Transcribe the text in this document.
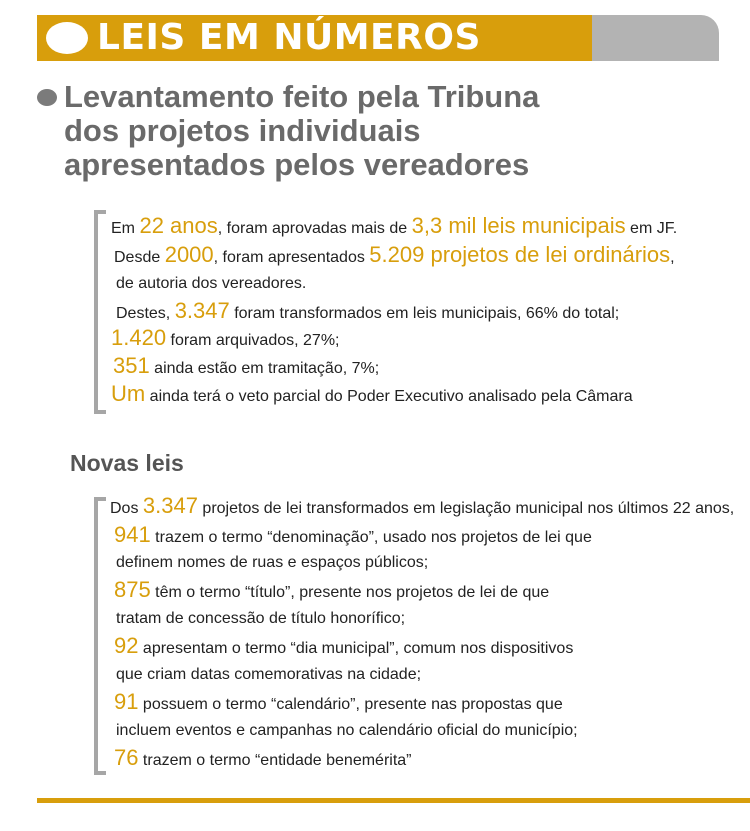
LEIS EM NÚMEROS
Levantamento feito pela Tribuna
dos projetos individuais
apresentados pelos vereadores
Em 22 anos, foram aprovadas mais de 3,3 mil leis municipais em JF.
Desde 2000, foram apresentados 5.209 projetos de lei ordinários,
de autoria dos vereadores.
Destes, 3.347 foram transformados em leis municipais, 66% do total;
1.420 foram arquivados, 27%;
351 ainda estão em tramitação, 7%;
Um ainda terá o veto parcial do Poder Executivo analisado pela Câmara
Novas leis
Dos 3.347 projetos de lei transformados em legislação municipal nos últimos 22 anos,
941 trazem o termo “denominação”, usado nos projetos de lei que
definem nomes de ruas e espaços públicos;
875 têm o termo “título”, presente nos projetos de lei de que
tratam de concessão de título honorífico;
92 apresentam o termo “dia municipal”, comum nos dispositivos
que criam datas comemorativas na cidade;
91 possuem o termo “calendário”, presente nas propostas que
incluem eventos e campanhas no calendário oficial do município;
76 trazem o termo “entidade benemérita”
